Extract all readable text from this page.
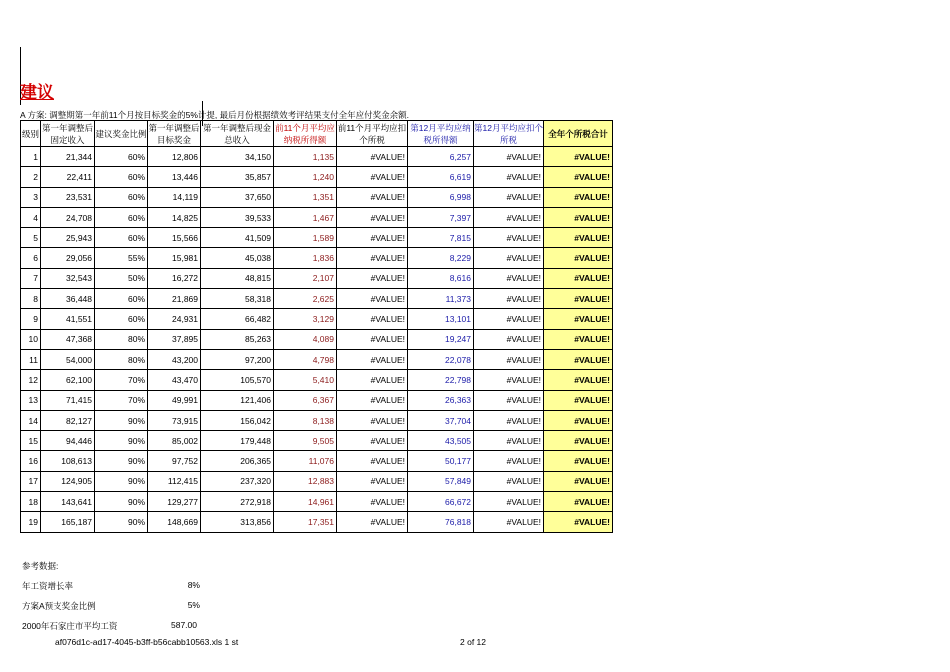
建议
A 方案: 调整期第一年前11个月按目标奖金的5%计提, 最后月份根据绩效考评结果支付全年应付奖金余额.
级别	第一年调整后固定收入	建议奖金比例	第一年调整后目标奖金	第一年调整后现金总收入	前11个月平均应纳税所得额	前11个月平均应扣个所税	第12月平均应纳税所得额	第12月平均应扣个所税	全年个所税合计
1	21,344	60%	12,806	34,150	1,135	#VALUE!	6,257	#VALUE!	#VALUE!
2	22,411	60%	13,446	35,857	1,240	#VALUE!	6,619	#VALUE!	#VALUE!
3	23,531	60%	14,119	37,650	1,351	#VALUE!	6,998	#VALUE!	#VALUE!
4	24,708	60%	14,825	39,533	1,467	#VALUE!	7,397	#VALUE!	#VALUE!
5	25,943	60%	15,566	41,509	1,589	#VALUE!	7,815	#VALUE!	#VALUE!
6	29,056	55%	15,981	45,038	1,836	#VALUE!	8,229	#VALUE!	#VALUE!
7	32,543	50%	16,272	48,815	2,107	#VALUE!	8,616	#VALUE!	#VALUE!
8	36,448	60%	21,869	58,318	2,625	#VALUE!	11,373	#VALUE!	#VALUE!
9	41,551	60%	24,931	66,482	3,129	#VALUE!	13,101	#VALUE!	#VALUE!
10	47,368	80%	37,895	85,263	4,089	#VALUE!	19,247	#VALUE!	#VALUE!
11	54,000	80%	43,200	97,200	4,798	#VALUE!	22,078	#VALUE!	#VALUE!
12	62,100	70%	43,470	105,570	5,410	#VALUE!	22,798	#VALUE!	#VALUE!
13	71,415	70%	49,991	121,406	6,367	#VALUE!	26,363	#VALUE!	#VALUE!
14	82,127	90%	73,915	156,042	8,138	#VALUE!	37,704	#VALUE!	#VALUE!
15	94,446	90%	85,002	179,448	9,505	#VALUE!	43,505	#VALUE!	#VALUE!
16	108,613	90%	97,752	206,365	11,076	#VALUE!	50,177	#VALUE!	#VALUE!
17	124,905	90%	112,415	237,320	12,883	#VALUE!	57,849	#VALUE!	#VALUE!
18	143,641	90%	129,277	272,918	14,961	#VALUE!	66,672	#VALUE!	#VALUE!
19	165,187	90%	148,669	313,856	17,351	#VALUE!	76,818	#VALUE!	#VALUE!
参考数据:
年工资增长率	8%
方案A预支奖金比例	5%
2000年石家庄市平均工资	587.00
af076d1c-ad17-4045-b3ff-b56cabb10563.xls 1 st	2 of 12
